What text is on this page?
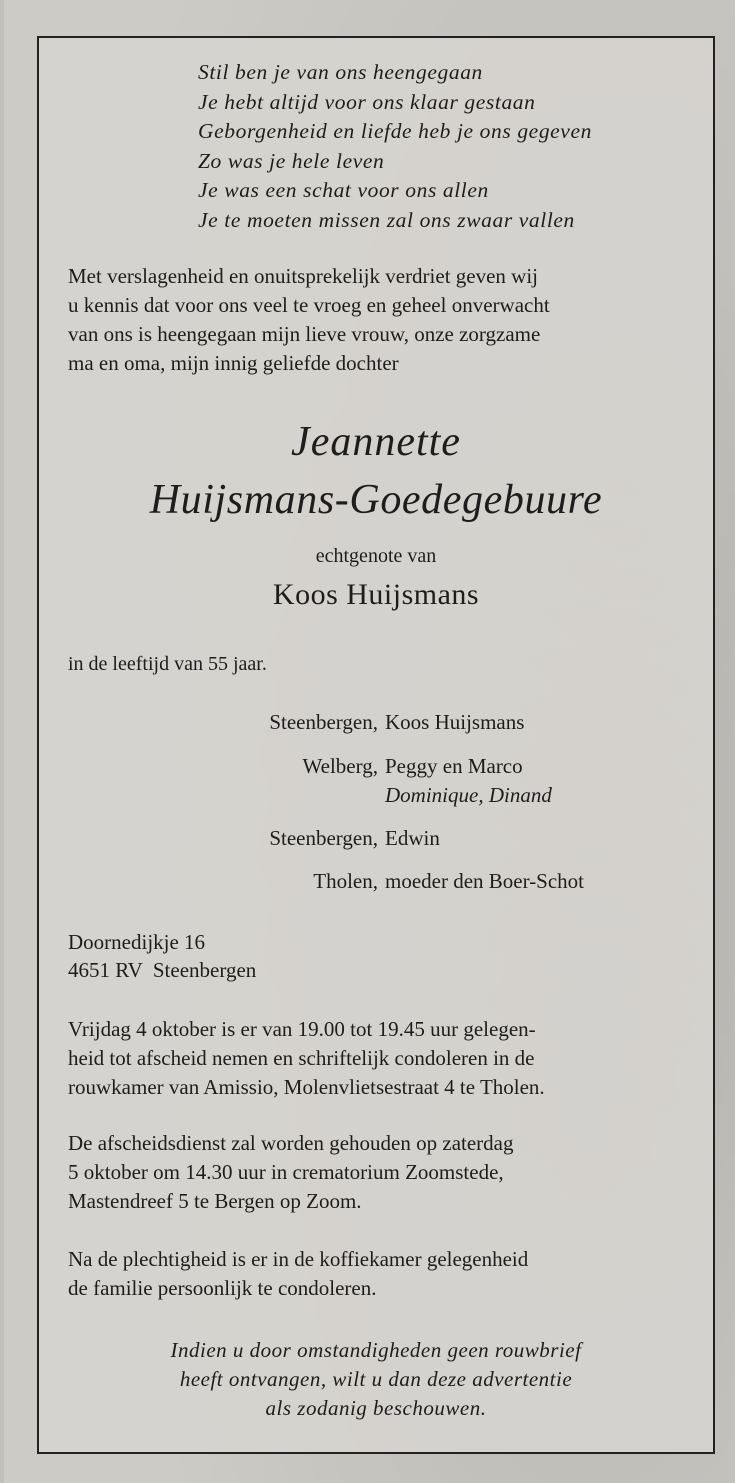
Stil ben je van ons heengegaan
Je hebt altijd voor ons klaar gestaan
Geborgenheid en liefde heb je ons gegeven
Zo was je hele leven
Je was een schat voor ons allen
Je te moeten missen zal ons zwaar vallen
Met verslagenheid en onuitsprekelijk verdriet geven wij
u kennis dat voor ons veel te vroeg en geheel onverwacht
van ons is heengegaan mijn lieve vrouw, onze zorgzame
ma en oma, mijn innig geliefde dochter
Jeannette
Huijsmans-Goedegebuure
echtgenote van
Koos Huijsmans
in de leeftijd van 55 jaar.
Steenbergen, Koos Huijsmans
Welberg, Peggy en Marco
Dominique, Dinand
Steenbergen, Edwin
Tholen, moeder den Boer-Schot
Doornedijkje 16
4651 RV  Steenbergen
Vrijdag 4 oktober is er van 19.00 tot 19.45 uur gelegen-
heid tot afscheid nemen en schriftelijk condoleren in de
rouwkamer van Amissio, Molenvlietsestraat 4 te Tholen.
De afscheidsdienst zal worden gehouden op zaterdag
5 oktober om 14.30 uur in crematorium Zoomstede,
Mastendreef 5 te Bergen op Zoom.
Na de plechtigheid is er in de koffiekamer gelegenheid
de familie persoonlijk te condoleren.
Indien u door omstandigheden geen rouwbrief
heeft ontvangen, wilt u dan deze advertentie
als zodanig beschouwen.
